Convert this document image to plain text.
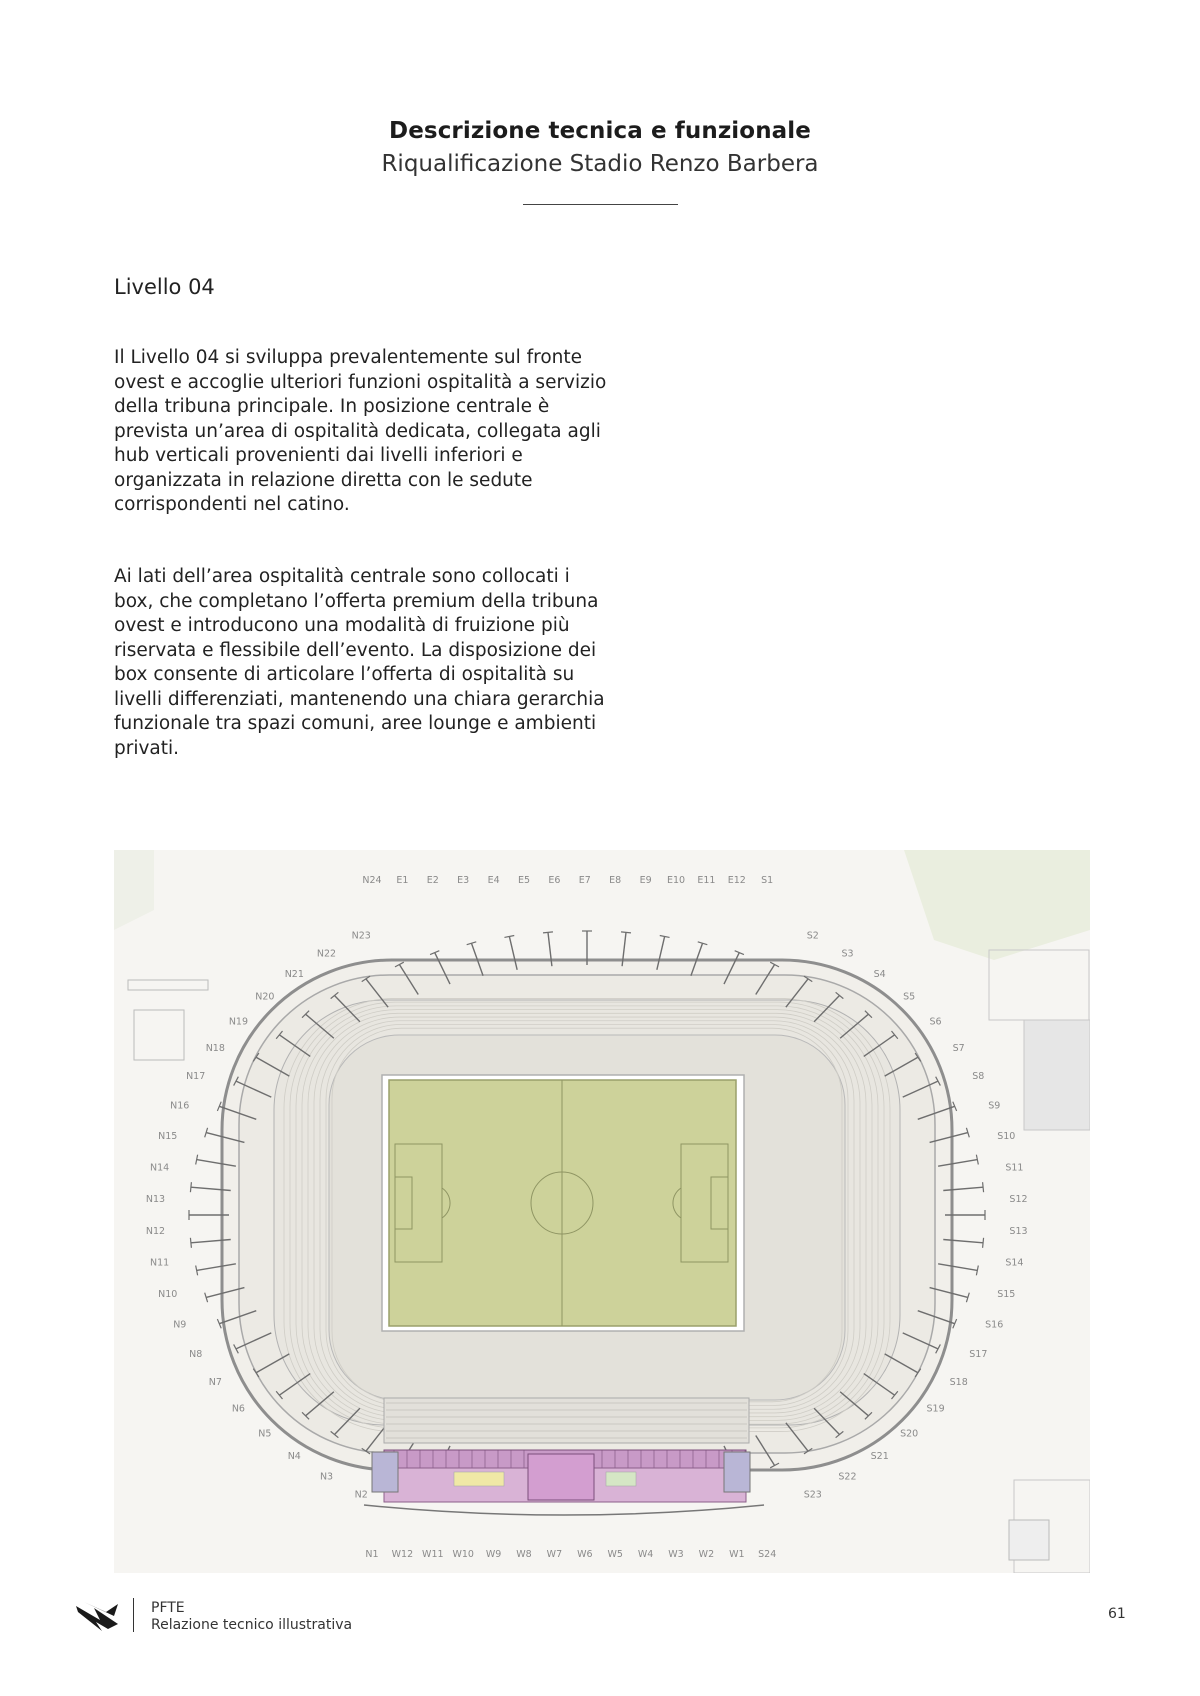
Descrizione tecnica e funzionale
Riqualificazione Stadio Renzo Barbera
Livello 04
Il Livello 04 si sviluppa prevalentemente sul fronte ovest e accoglie ulteriori funzioni ospitalità a servizio della tribuna principale. In posizione centrale è prevista un’area di ospitalità dedicata, collegata agli hub verticali provenienti dai livelli inferiori e organizzata in relazione diretta con le sedute corrispondenti nel catino.
Ai lati dell’area ospitalità centrale sono collocati i box, che completano l’offerta premium della tribuna ovest e introducono una modalità di fruizione più riservata e flessibile dell’evento. La disposizione dei box consente di articolare l’offerta di ospitalità su livelli differenziati, mantenendo una chiara gerarchia funzionale tra spazi comuni, aree lounge e ambienti privati.
N24 E1 E2 E3 E4 E5 E6 E7 E8 E9 E10 E11 E12 S1
N1 W12 W11 W10 W9 W8 W7 W6 W5 W4 W3 W2 W1 S24
N23
N22
N21
N20
N19
N18
N17
N16
N15
N14
N13
N12
N11
N10
N9
N8
N7
N6
N5
N4
N3
N2
S2
S3
S4
S5
S6
S7
S8
S9
S10
S11
S12
S13
S14
S15
S16
S17
S18
S19
S20
S21
S22
S23
PFTE
Relazione tecnico illustrativa
61
